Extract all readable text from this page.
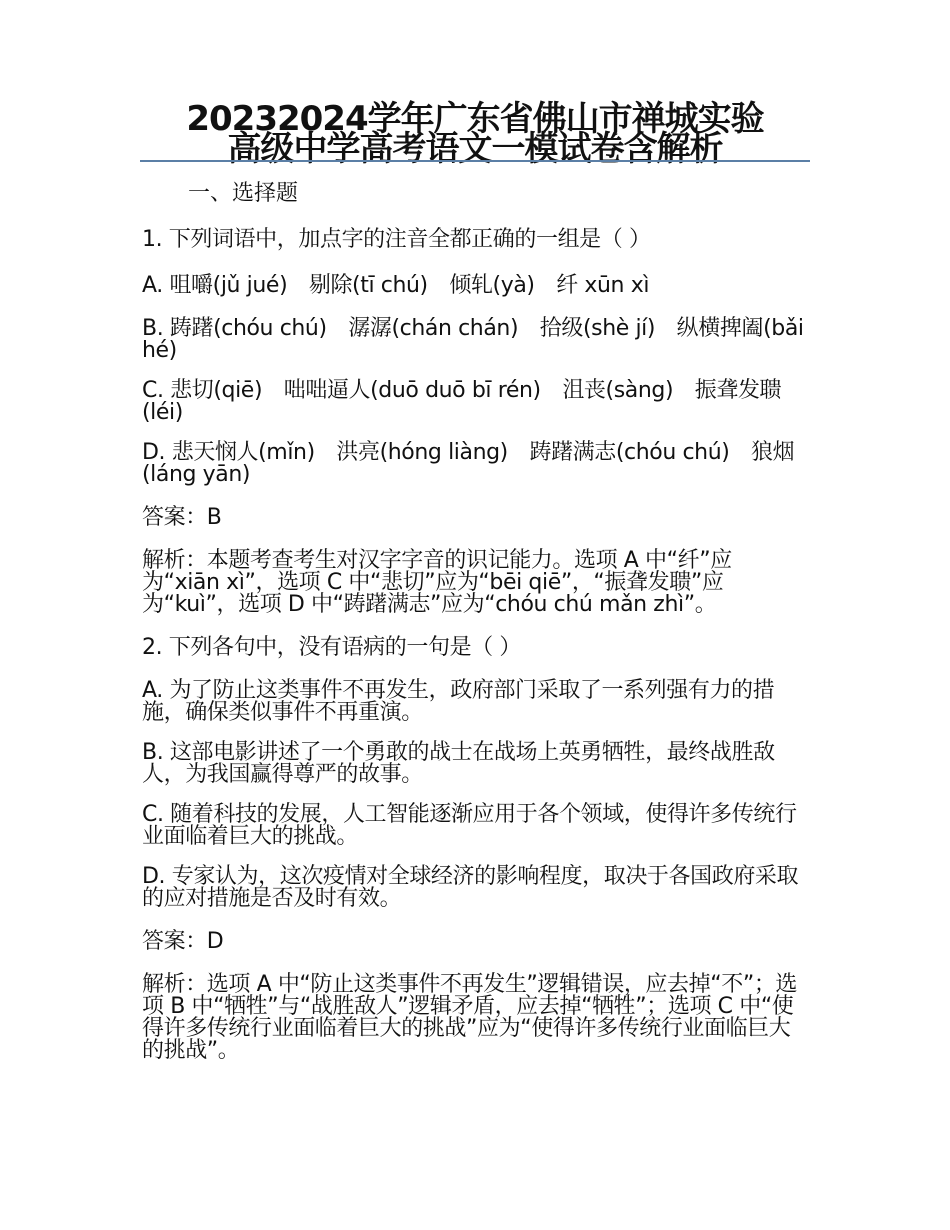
20232024学年广东省佛山市禅城实验
高级中学高考语文一模试卷含解析

一、选择题

1. 下列词语中，加点字的注音全都正确的一组是（ ）

A. 咀嚼(jǔ jué)　剔除(tī chú)　倾轧(yà)　纤 xūn xì

B. 踌躇(chóu chú)　潺潺(chán chán)　拾级(shè jí)　纵横捭阖(bǎi hé)

C. 悲切(qiē)　咄咄逼人(duō duō bī rén)　沮丧(sàng)　振聋发聩(léi)

D. 悲天悯人(mǐn)　洪亮(hóng liàng)　踌躇满志(chóu chú)　狼烟(láng yān)

答案：B

解析：本题考查考生对汉字字音的识记能力。选项 A 中“纤”应为“xiān xì”，选项 C 中“悲切”应为“bēi qiē”，“振聋发聩”应为“kuì”，选项 D 中“踌躇满志”应为“chóu chú mǎn zhì”。

2. 下列各句中，没有语病的一句是（ ）

A. 为了防止这类事件不再发生，政府部门采取了一系列强有力的措施，确保类似事件不再重演。

B. 这部电影讲述了一个勇敢的战士在战场上英勇牺牲，最终战胜敌人，为我国赢得尊严的故事。

C. 随着科技的发展，人工智能逐渐应用于各个领域，使得许多传统行业面临着巨大的挑战。

D. 专家认为，这次疫情对全球经济的影响程度，取决于各国政府采取的应对措施是否及时有效。

答案：D

解析：选项 A 中“防止这类事件不再发生”逻辑错误，应去掉“不”；选项 B 中“牺牲”与“战胜敌人”逻辑矛盾，应去掉“牺牲”；选项 C 中“使得许多传统行业面临着巨大的挑战”应为“使得许多传统行业面临巨大的挑战”。
